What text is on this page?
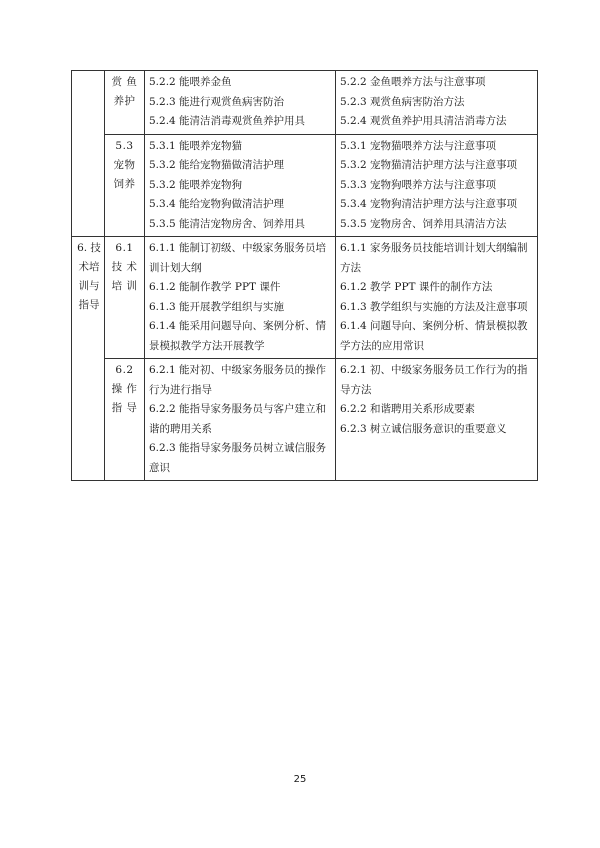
	赏 鱼养护	5.2.2 能喂养金鱼
5.2.3 能进行观赏鱼病害防治
5.2.4 能清洁消毒观赏鱼养护用具	5.2.2 金鱼喂养方法与注意事项
5.2.3 观赏鱼病害防治方法
5.2.4 观赏鱼养护用具清洁消毒方法

	5.3 宠物 饲养	5.3.1 能喂养宠物猫
5.3.2 能给宠物猫做清洁护理
5.3.2 能喂养宠物狗
5.3.4 能给宠物狗做清洁护理
5.3.5 能清洁宠物房舍、饲养用具	5.3.1 宠物猫喂养方法与注意事项
5.3.2 宠物猫清洁护理方法与注意事项
5.3.3 宠物狗喂养方法与注意事项
5.3.4 宠物狗清洁护理方法与注意事项
5.3.5 宠物房舍、饲养用具清洁方法

6. 技术培训与指导	6.1 技 术 培 训	6.1.1 能制订初级、中级家务服务员培训计划大纲
6.1.2 能制作教学 PPT 课件
6.1.3 能开展教学组织与实施
6.1.4 能采用问题导向、案例分析、情景模拟教学方法开展教学	6.1.1 家务服务员技能培训计划大纲编制方法
6.1.2 教学 PPT 课件的制作方法
6.1.3 教学组织与实施的方法及注意事项
6.1.4 问题导向、案例分析、情景模拟教学方法的应用常识

	6.2 操 作 指 导	6.2.1 能对初、中级家务服务员的操作行为进行指导
6.2.2 能指导家务服务员与客户建立和谐的聘用关系
6.2.3 能指导家务服务员树立诚信服务意识	6.2.1 初、中级家务服务员工作行为的指导方法
6.2.2 和谐聘用关系形成要素
6.2.3 树立诚信服务意识的重要意义
25
